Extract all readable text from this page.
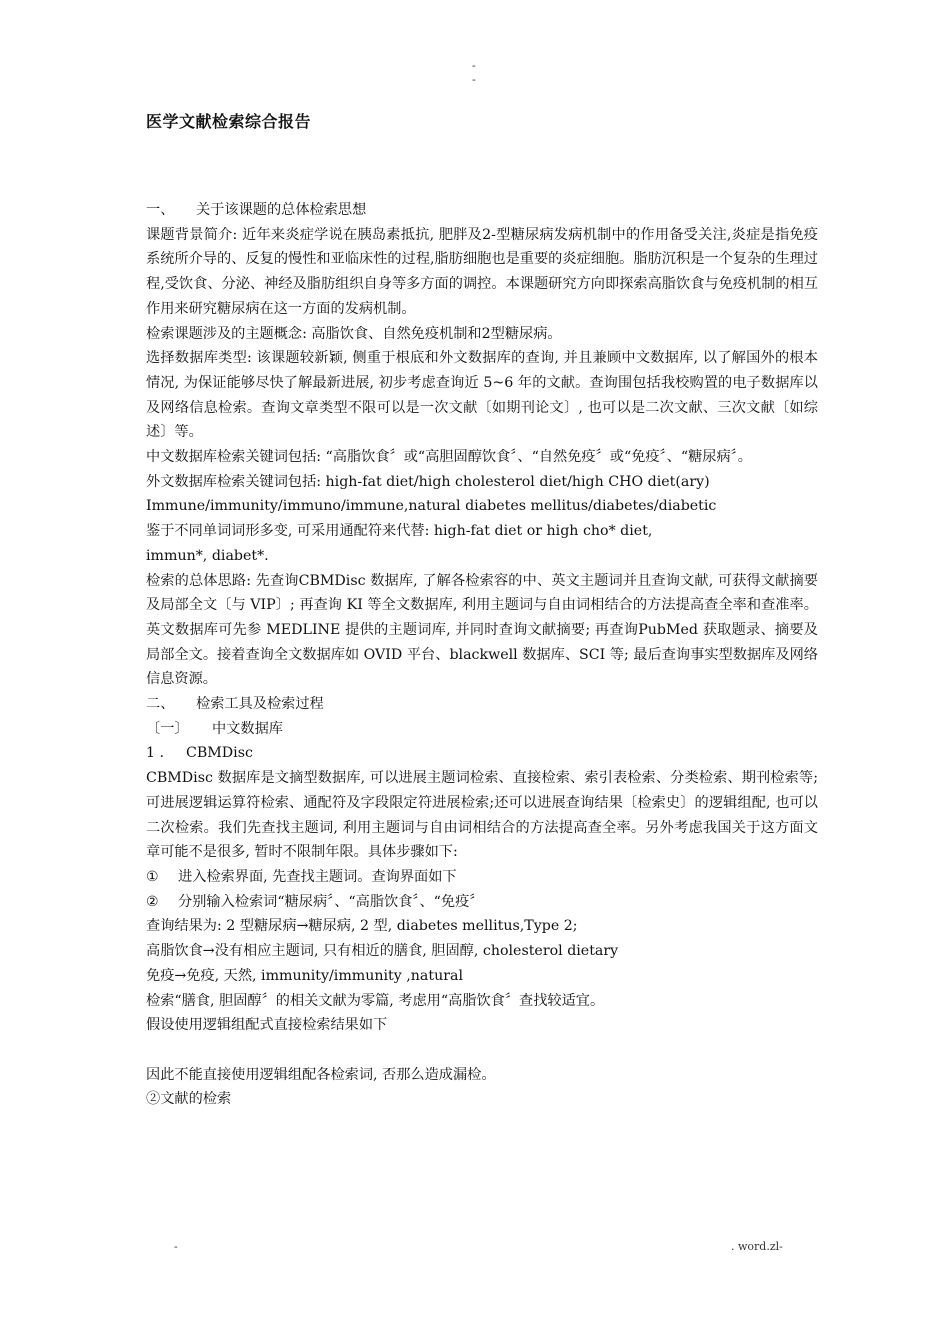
-
-
医学文献检索综合报告

一、 关于该课题的总体检索思想

课题背景简介: 近年来炎症学说在胰岛素抵抗, 肥胖及2-型糖尿病发病机制中的作用备受关注,炎症是指免疫系统所介导的、反复的慢性和亚临床性的过程,脂肪细胞也是重要的炎症细胞。脂肪沉积是一个复杂的生理过程,受饮食、分泌、神经及脂肪组织自身等多方面的调控。本课题研究方向即探索高脂饮食与免疫机制的相互作用来研究糖尿病在这一方面的发病机制。

检索课题涉及的主题概念: 高脂饮食、自然免疫机制和2型糖尿病。

选择数据库类型: 该课题较新颖, 侧重于根底和外文数据库的查询, 并且兼顾中文数据库, 以了解国外的根本情况, 为保证能够尽快了解最新进展, 初步考虑查询近 5~6 年的文献。查询围包括我校购置的电子数据库以及网络信息检索。查询文章类型不限可以是一次文献〔如期刊论文〕, 也可以是二次文献、三次文献〔如综述〕等。

中文数据库检索关键词包括: “高脂饮食〞或“高胆固醇饮食〞、“自然免疫〞或“免疫〞、“糖尿病〞。

外文数据库检索关键词包括: high-fat diet/high cholesterol diet/high CHO diet(ary)

Immune/immunity/immuno/immune,natural diabetes mellitus/diabetes/diabetic

鉴于不同单词词形多变, 可采用通配符来代替: high-fat diet or high cho* diet,

immun*, diabet*.

检索的总体思路: 先查询CBMDisc 数据库, 了解各检索容的中、英文主题词并且查询文献, 可获得文献摘要及局部全文〔与 VIP〕; 再查询 KI 等全文数据库, 利用主题词与自由词相结合的方法提高查全率和查准率。英文数据库可先参 MEDLINE 提供的主题词库, 并同时查询文献摘要; 再查询PubMed 获取题录、摘要及局部全文。接着查询全文数据库如 OVID 平台、blackwell 数据库、SCI 等; 最后查询事实型数据库及网络信息资源。

二、 检索工具及检索过程

〔一〕 中文数据库

1 . CBMDisc

CBMDisc 数据库是文摘型数据库, 可以进展主题词检索、直接检索、索引表检索、分类检索、期刊检索等; 可进展逻辑运算符检索、通配符及字段限定符进展检索;还可以进展查询结果〔检索史〕的逻辑组配, 也可以二次检索。我们先查找主题词, 利用主题词与自由词相结合的方法提高查全率。另外考虑我国关于这方面文章可能不是很多, 暂时不限制年限。具体步骤如下:

① 进入检索界面, 先查找主题词。查询界面如下

② 分别输入检索词“糖尿病〞、“高脂饮食〞、“免疫〞

查询结果为: 2 型糖尿病→糖尿病, 2 型, diabetes mellitus,Type 2;

高脂饮食→没有相应主题词, 只有相近的膳食, 胆固醇, cholesterol dietary

免疫→免疫, 天然, immunity/immunity ,natural

检索“膳食, 胆固醇〞的相关文献为零篇, 考虑用“高脂饮食〞查找较适宜。

假设使用逻辑组配式直接检索结果如下

因此不能直接使用逻辑组配各检索词, 否那么造成漏检。

②文献的检索

-	. word.zl-
